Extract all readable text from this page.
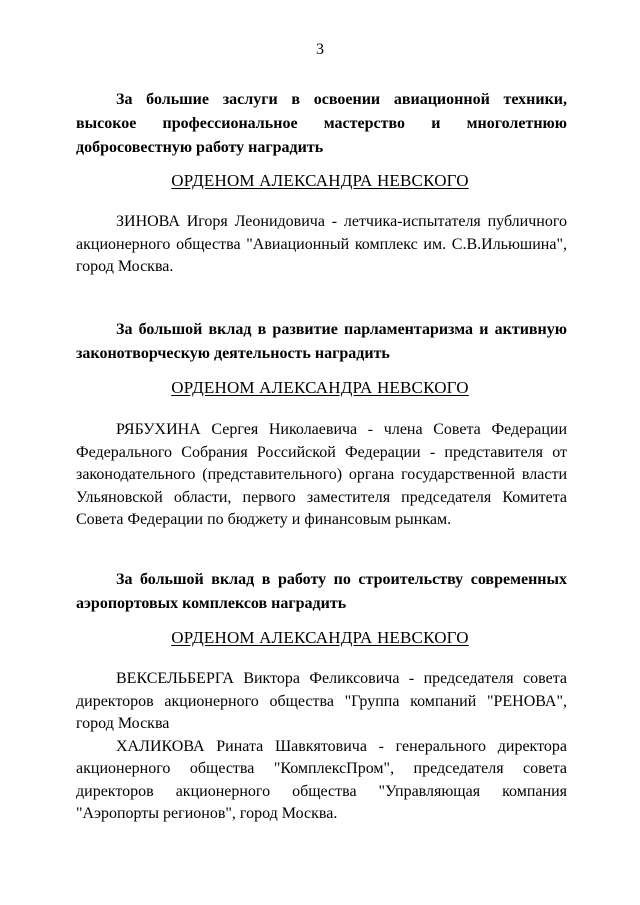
3

За большие заслуги в освоении авиационной техники, высокое профессиональное мастерство и многолетнюю добросовестную работу наградить

ОРДЕНОМ АЛЕКСАНДРА НЕВСКОГО

ЗИНОВА Игоря Леонидовича - летчика-испытателя публичного акционерного общества "Авиационный комплекс им. С.В.Ильюшина", город Москва.

За большой вклад в развитие парламентаризма и активную законотворческую деятельность наградить

ОРДЕНОМ АЛЕКСАНДРА НЕВСКОГО

РЯБУХИНА Сергея Николаевича - члена Совета Федерации Федерального Собрания Российской Федерации - представителя от законодательного (представительного) органа государственной власти Ульяновской области, первого заместителя председателя Комитета Совета Федерации по бюджету и финансовым рынкам.

За большой вклад в работу по строительству современных аэропортовых комплексов наградить

ОРДЕНОМ АЛЕКСАНДРА НЕВСКОГО

ВЕКСЕЛЬБЕРГА Виктора Феликсовича - председателя совета директоров акционерного общества "Группа компаний "РЕНОВА", город Москва

ХАЛИКОВА Рината Шавкятовича - генерального директора акционерного общества "КомплексПром", председателя совета директоров акционерного общества "Управляющая компания "Аэропорты регионов", город Москва.
